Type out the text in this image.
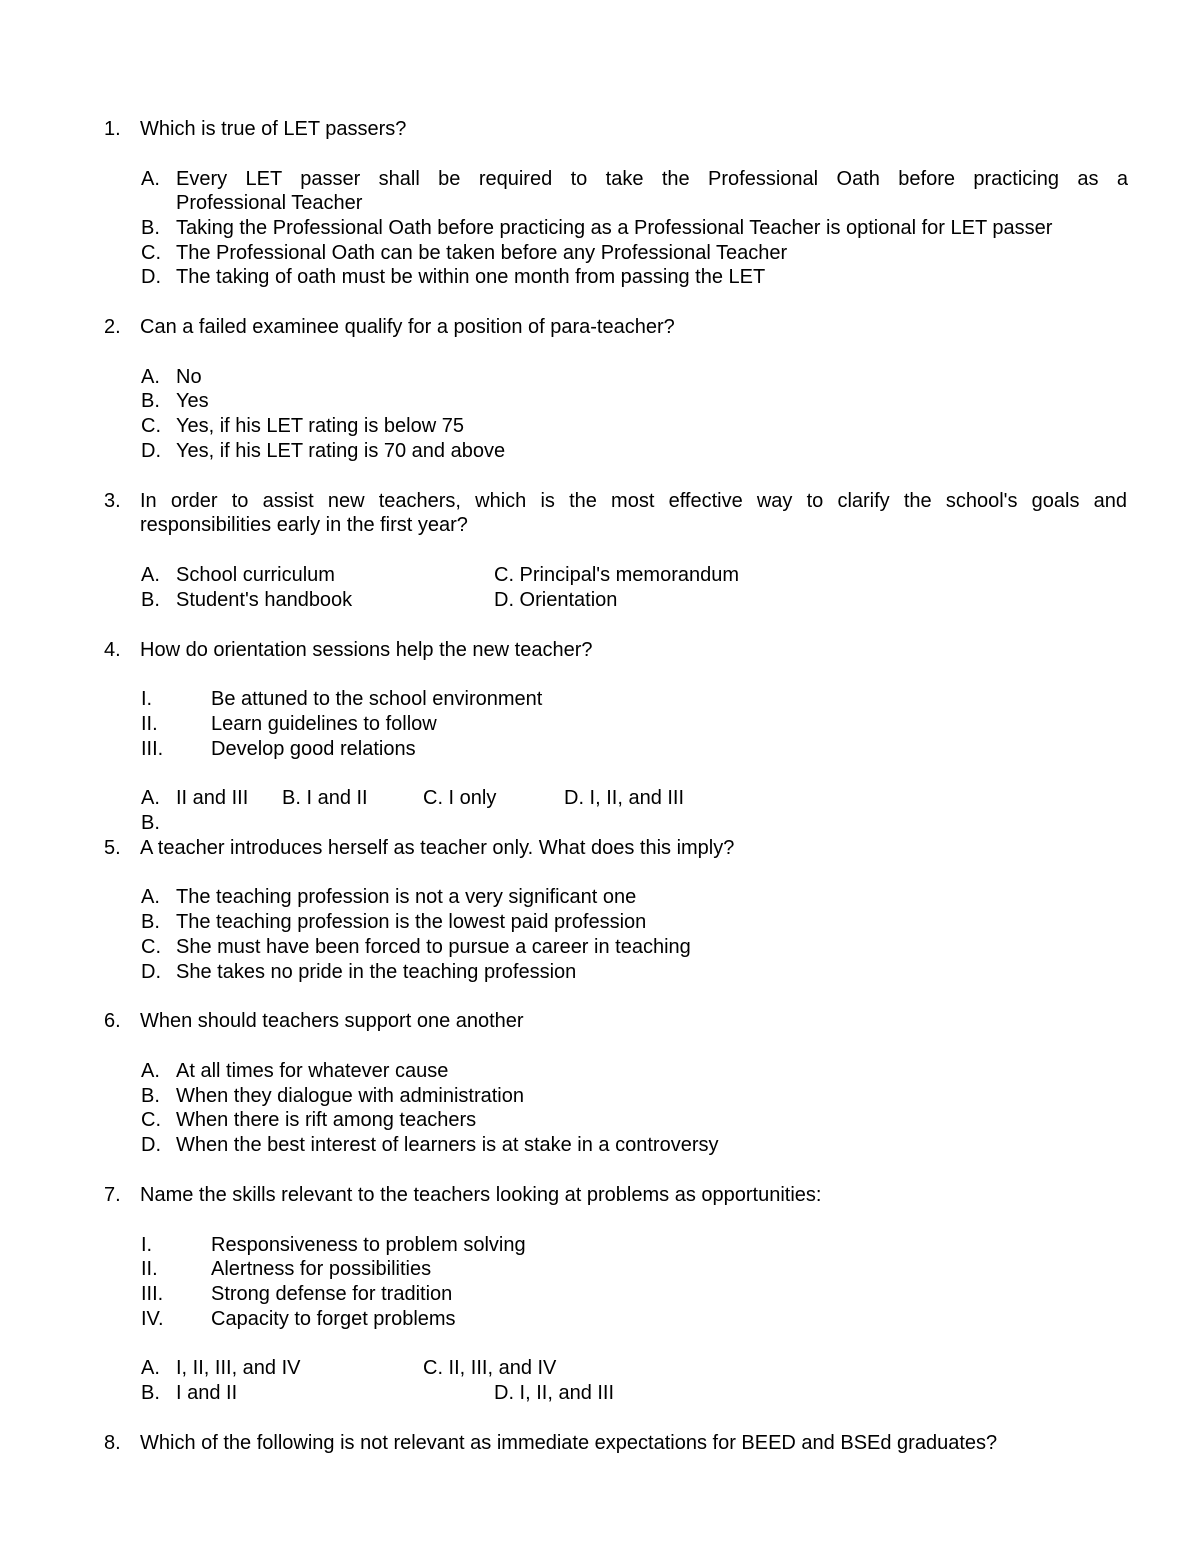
1. Which is true of LET passers?
A. Every LET passer shall be required to take the Professional Oath before practicing as a
Professional Teacher
B. Taking the Professional Oath before practicing as a Professional Teacher is optional for LET passer
C. The Professional Oath can be taken before any Professional Teacher
D. The taking of oath must be within one month from passing the LET
2. Can a failed examinee qualify for a position of para-teacher?
A. No
B. Yes
C. Yes, if his LET rating is below 75
D. Yes, if his LET rating is 70 and above
3. In order to assist new teachers, which is the most effective way to clarify the school's goals and
responsibilities early in the first year?
A. School curriculum	C. Principal's memorandum
B. Student's handbook	D. Orientation
4. How do orientation sessions help the new teacher?
I.	Be attuned to the school environment
II.	Learn guidelines to follow
III. Develop good relations
A. II and III B. I and II	C. I only	D. I, II, and III
B.
5. A teacher introduces herself as teacher only. What does this imply?
A. The teaching profession is not a very significant one
B. The teaching profession is the lowest paid profession
C. She must have been forced to pursue a career in teaching
D. She takes no pride in the teaching profession
6. When should teachers support one another
A. At all times for whatever cause
B. When they dialogue with administration
C. When there is rift among teachers
D. When the best interest of learners is at stake in a controversy
7. Name the skills relevant to the teachers looking at problems as opportunities:
I.	Responsiveness to problem solving
II.	Alertness for possibilities
III. Strong defense for tradition
IV. Capacity to forget problems
A. I, II, III, and IV	C. II, III, and IV
B. I and II	D. I, II, and III
8. Which of the following is not relevant as immediate expectations for BEED and BSEd graduates?
